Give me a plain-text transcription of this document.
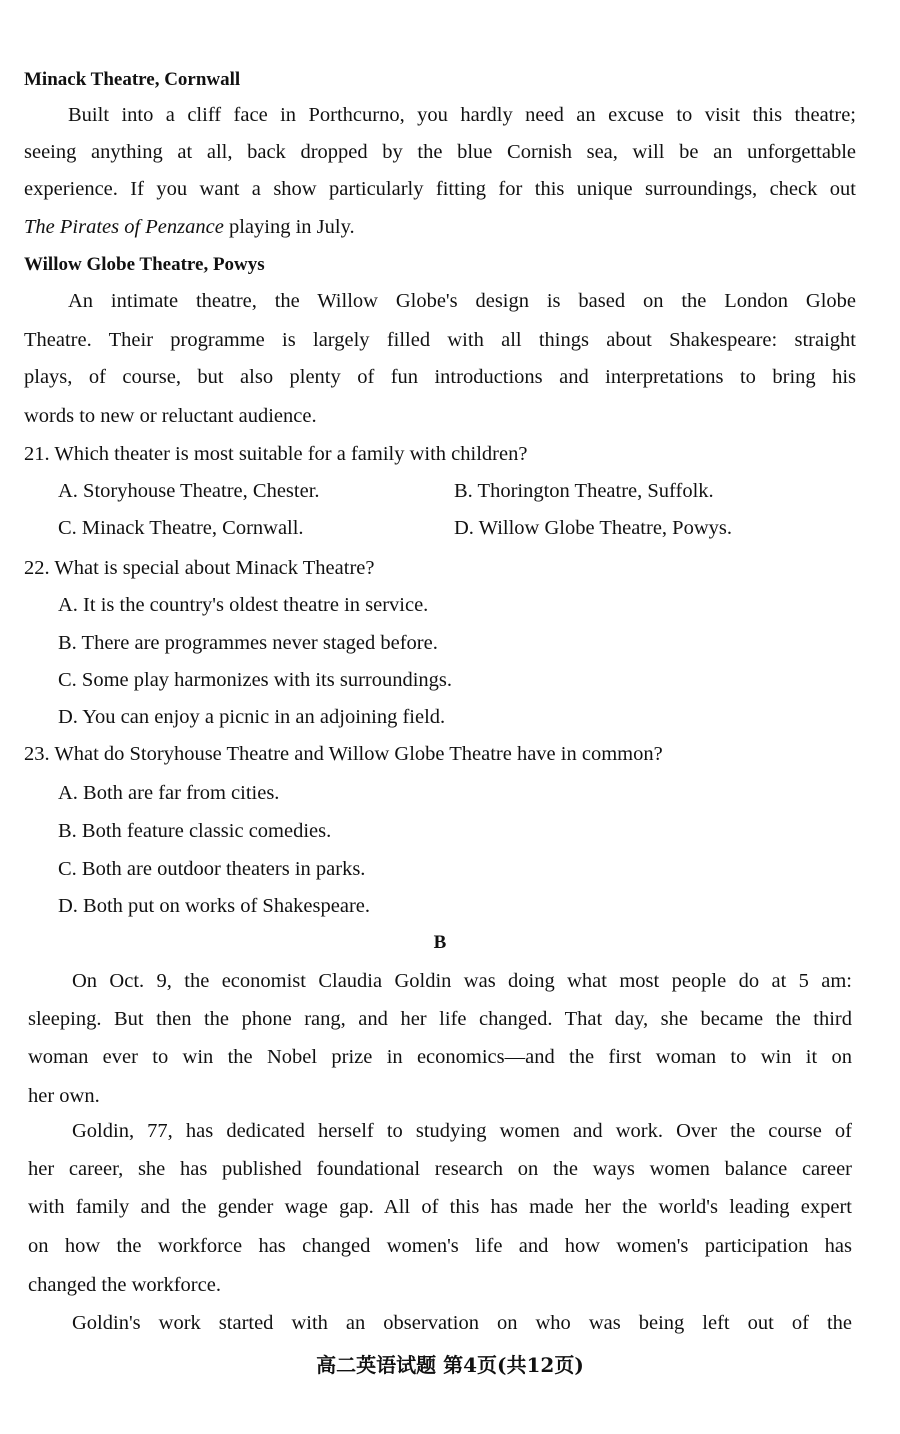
Minack Theatre, Cornwall
Built into a cliff face in Porthcurno, you hardly need an excuse to visit this theatre;
seeing anything at all, back dropped by the blue Cornish sea, will be an unforgettable
experience. If you want a show particularly fitting for this unique surroundings, check out
The Pirates of Penzance playing in July.
Willow Globe Theatre, Powys
An intimate theatre, the Willow Globe's design is based on the London Globe
Theatre. Their programme is largely filled with all things about Shakespeare: straight
plays, of course, but also plenty of fun introductions and interpretations to bring his
words to new or reluctant audience.
21. Which theater is most suitable for a family with children?
A. Storyhouse Theatre, Chester.	B. Thorington Theatre, Suffolk.
C. Minack Theatre, Cornwall.	D. Willow Globe Theatre, Powys.
22. What is special about Minack Theatre?
A. It is the country's oldest theatre in service.
B. There are programmes never staged before.
C. Some play harmonizes with its surroundings.
D. You can enjoy a picnic in an adjoining field.
23. What do Storyhouse Theatre and Willow Globe Theatre have in common?
A. Both are far from cities.
B. Both feature classic comedies.
C. Both are outdoor theaters in parks.
D. Both put on works of Shakespeare.
B
On Oct. 9, the economist Claudia Goldin was doing what most people do at 5 am:
sleeping. But then the phone rang, and her life changed. That day, she became the third
woman ever to win the Nobel prize in economics—and the first woman to win it on
her own.
Goldin, 77, has dedicated herself to studying women and work. Over the course of
her career, she has published foundational research on the ways women balance career
with family and the gender wage gap. All of this has made her the world's leading expert
on how the workforce has changed women's life and how women's participation has
changed the workforce.
Goldin's work started with an observation on who was being left out of the
高二英语试题 第4页(共12页)
